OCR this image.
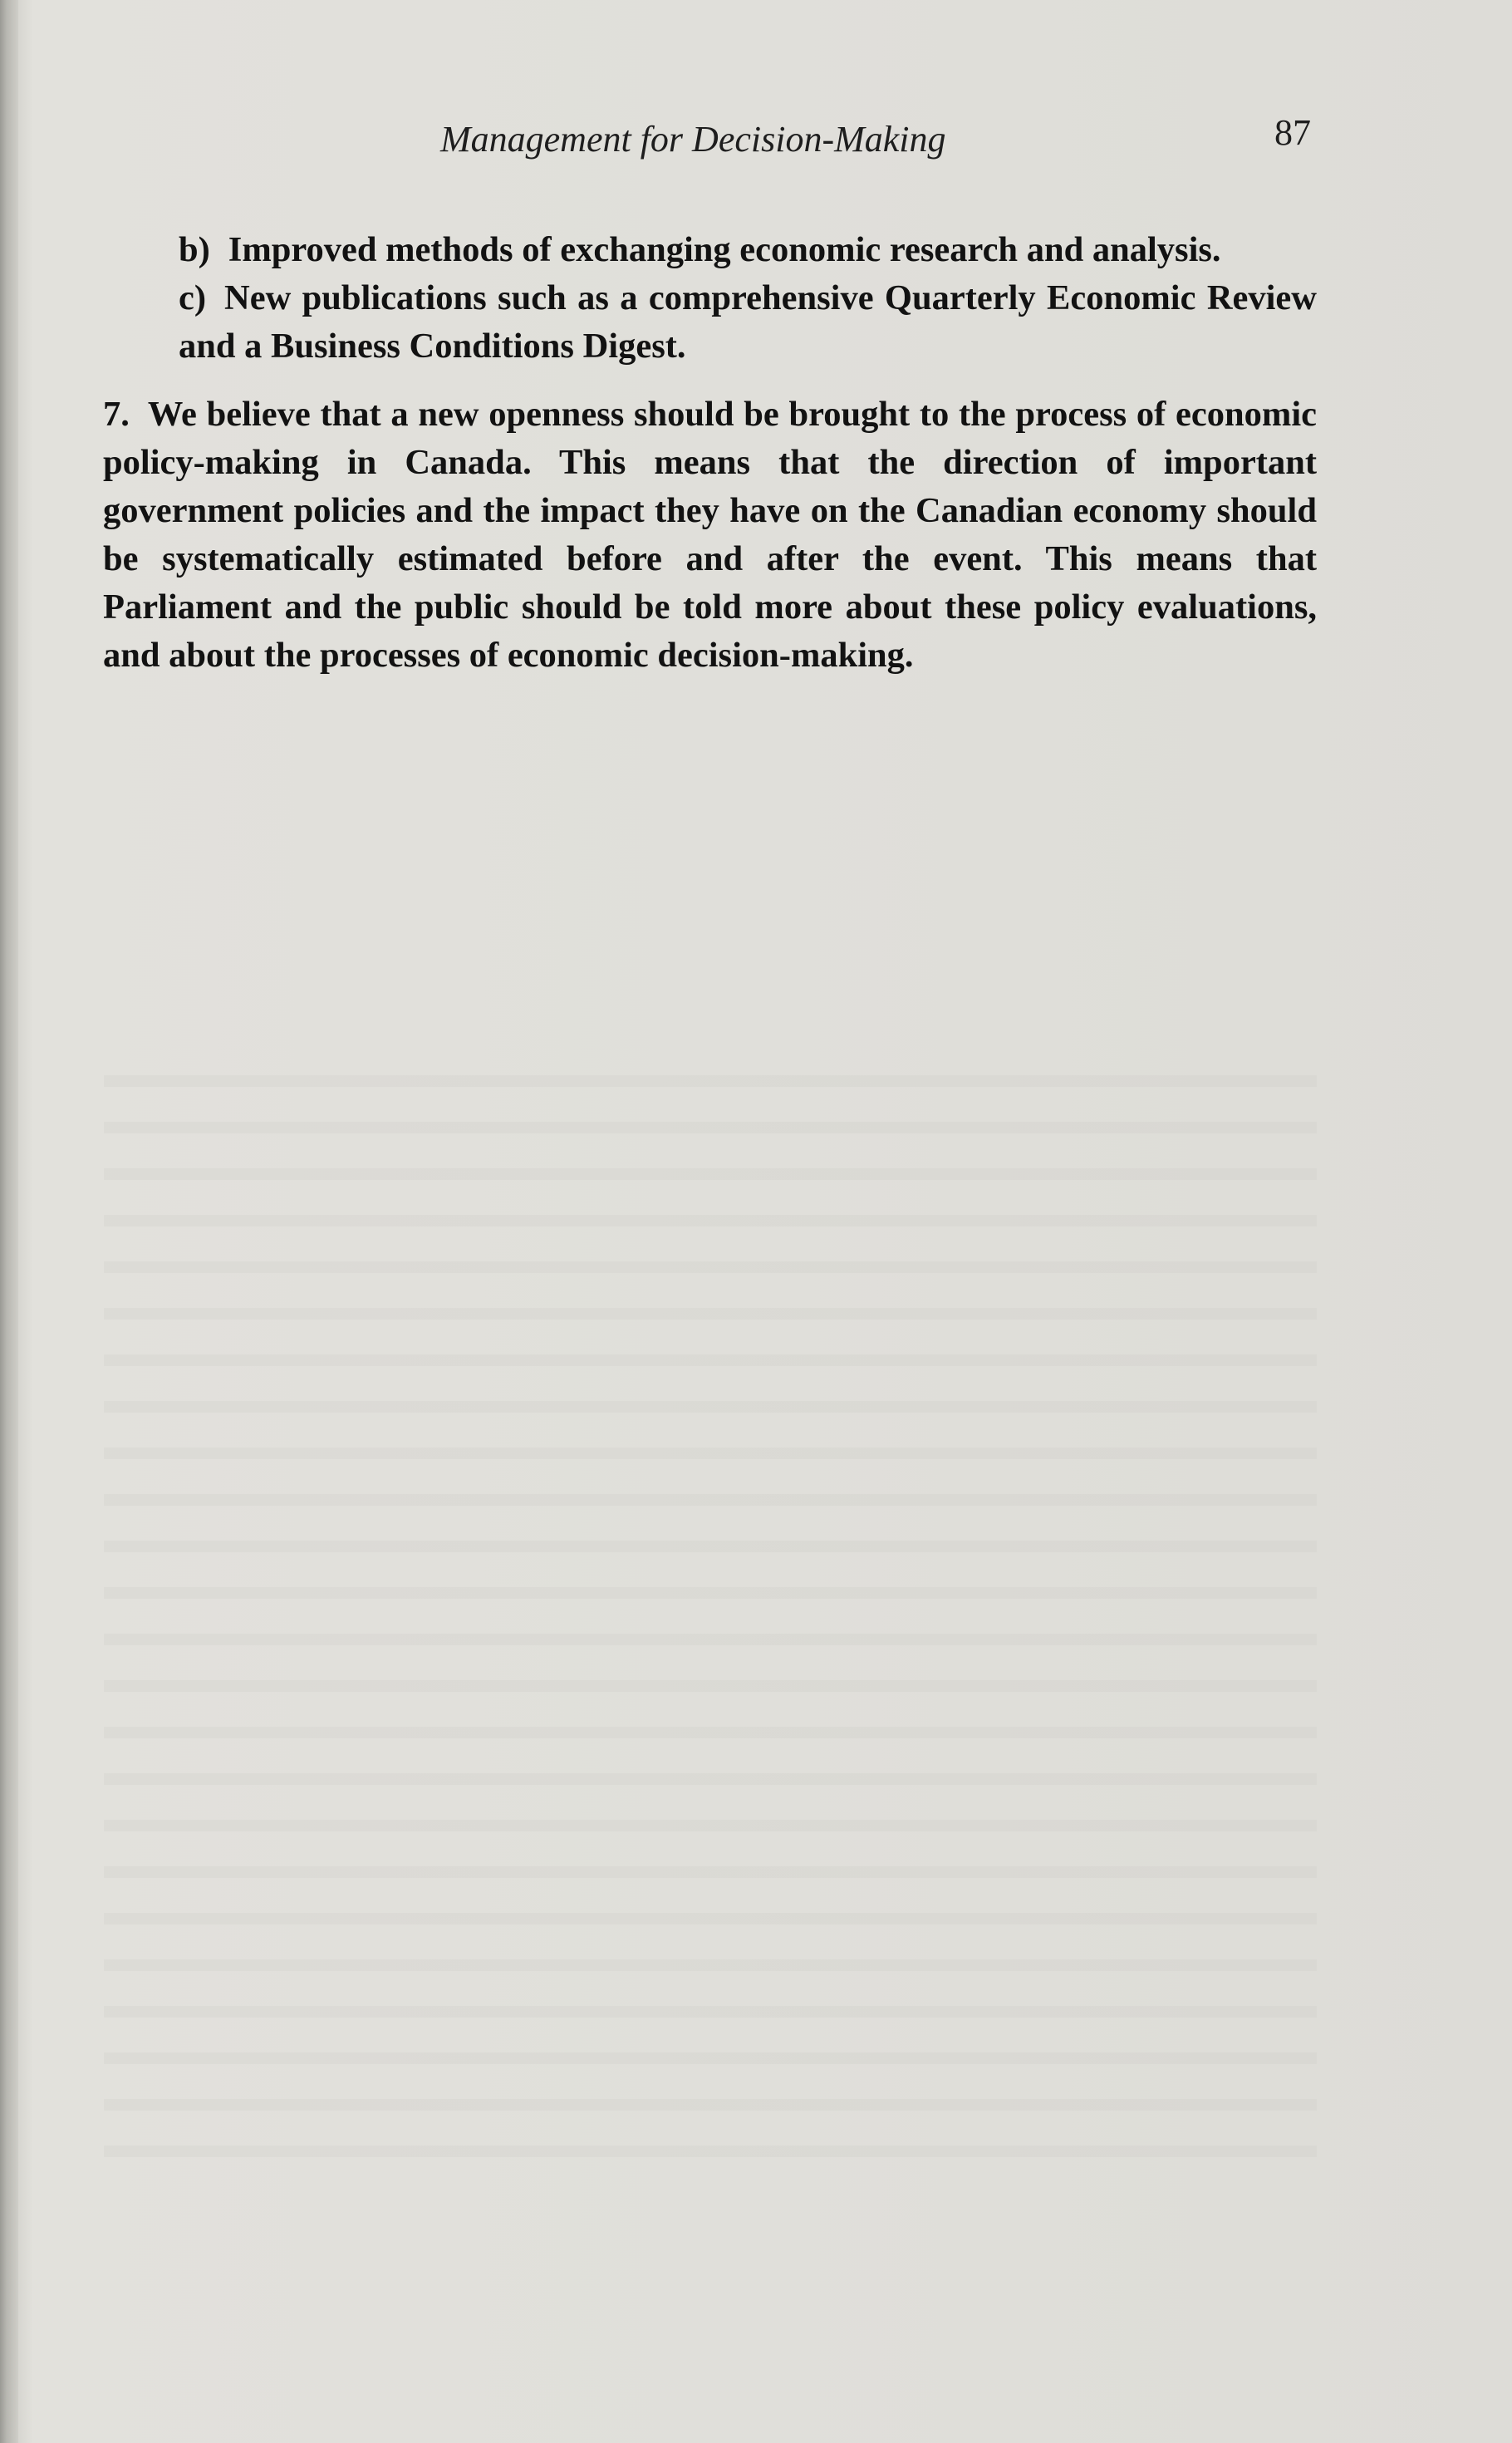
Management for Decision-Making	87
b) Improved methods of exchanging economic research and analysis.
c) New publications such as a comprehensive Quarterly Economic Review and a Business Conditions Digest.
7. We believe that a new openness should be brought to the process of economic policy-making in Canada. This means that the direction of important government policies and the impact they have on the Canadian economy should be systematically estimated before and after the event. This means that Parliament and the public should be told more about these policy evaluations, and about the processes of economic decision-making.
